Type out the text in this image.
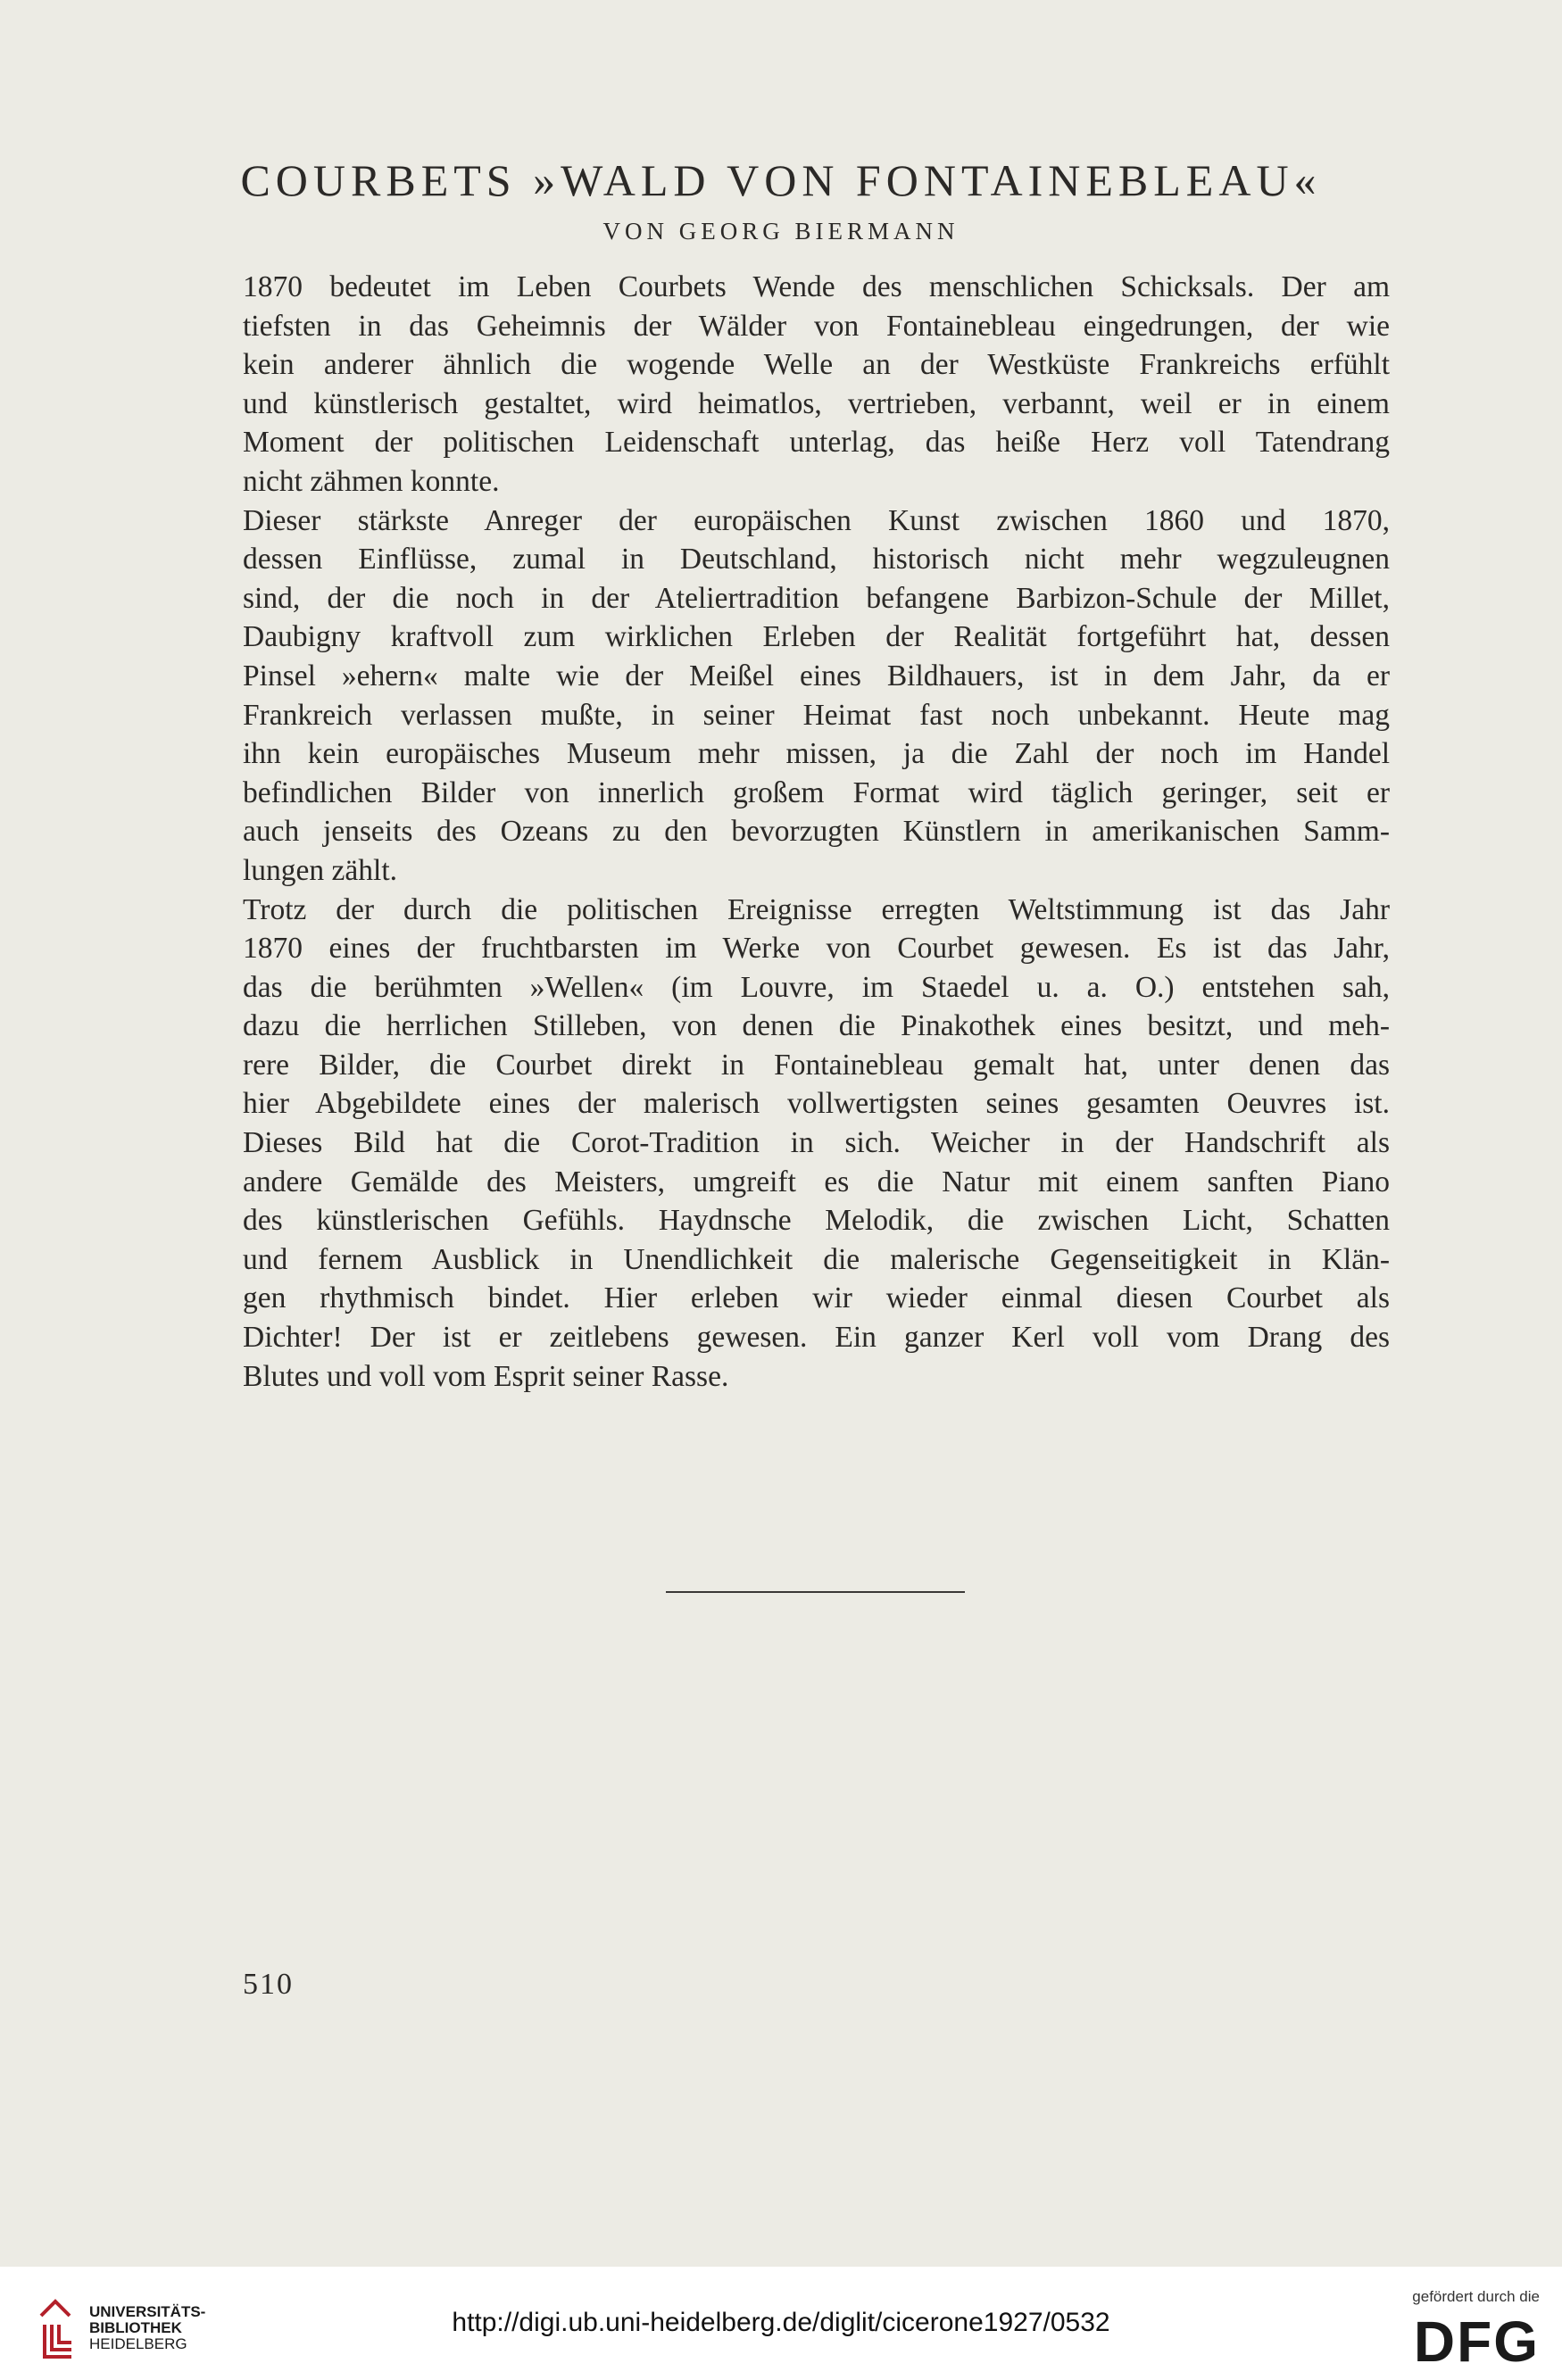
COURBETS »WALD VON FONTAINEBLEAU«
VON GEORG BIERMANN
1870 bedeutet im Leben Courbets Wende des menschlichen Schicksals. Der am
tiefsten in das Geheimnis der Wälder von Fontainebleau eingedrungen, der wie
kein anderer ähnlich die wogende Welle an der Westküste Frankreichs erfühlt
und künstlerisch gestaltet, wird heimatlos, vertrieben, verbannt, weil er in einem
Moment der politischen Leidenschaft unterlag, das heiße Herz voll Tatendrang
nicht zähmen konnte.
Dieser stärkste Anreger der europäischen Kunst zwischen 1860 und 1870,
dessen Einflüsse, zumal in Deutschland, historisch nicht mehr wegzuleugnen
sind, der die noch in der Ateliertradition befangene Barbizon-Schule der Millet,
Daubigny kraftvoll zum wirklichen Erleben der Realität fortgeführt hat, dessen
Pinsel »ehern« malte wie der Meißel eines Bildhauers, ist in dem Jahr, da er
Frankreich verlassen mußte, in seiner Heimat fast noch unbekannt. Heute mag
ihn kein europäisches Museum mehr missen, ja die Zahl der noch im Handel
befindlichen Bilder von innerlich großem Format wird täglich geringer, seit er
auch jenseits des Ozeans zu den bevorzugten Künstlern in amerikanischen Samm-
lungen zählt.
Trotz der durch die politischen Ereignisse erregten Weltstimmung ist das Jahr
1870 eines der fruchtbarsten im Werke von Courbet gewesen. Es ist das Jahr,
das die berühmten »Wellen« (im Louvre, im Staedel u. a. O.) entstehen sah,
dazu die herrlichen Stilleben, von denen die Pinakothek eines besitzt, und meh-
rere Bilder, die Courbet direkt in Fontainebleau gemalt hat, unter denen das
hier Abgebildete eines der malerisch vollwertigsten seines gesamten Oeuvres ist.
Dieses Bild hat die Corot-Tradition in sich. Weicher in der Handschrift als
andere Gemälde des Meisters, umgreift es die Natur mit einem sanften Piano
des künstlerischen Gefühls. Haydnsche Melodik, die zwischen Licht, Schatten
und fernem Ausblick in Unendlichkeit die malerische Gegenseitigkeit in Klän-
gen rhythmisch bindet. Hier erleben wir wieder einmal diesen Courbet als
Dichter! Der ist er zeitlebens gewesen. Ein ganzer Kerl voll vom Drang des
Blutes und voll vom Esprit seiner Rasse.
510
UNIVERSITÄTS-
BIBLIOTHEK
HEIDELBERG
http://digi.ub.uni-heidelberg.de/diglit/cicerone1927/0532
gefördert durch die
DFG
